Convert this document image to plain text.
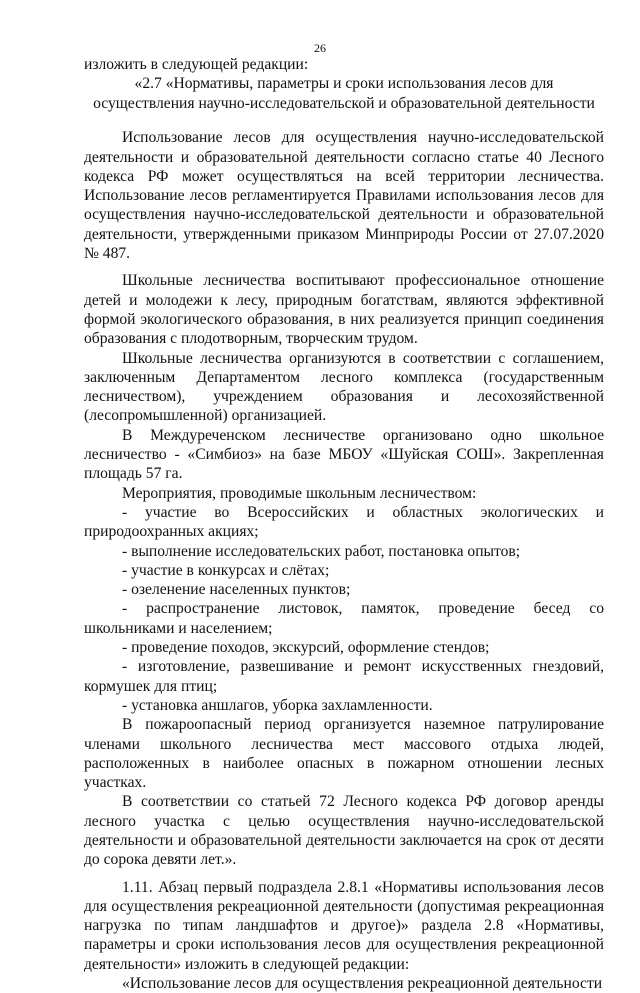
26

изложить в следующей редакции:

«2.7 «Нормативы, параметры и сроки использования лесов для осуществления научно-исследовательской и образовательной деятельности

Использование лесов для осуществления научно-исследовательской деятельности и образовательной деятельности согласно статье 40 Лесного кодекса РФ может осуществляться на всей территории лесничества. Использование лесов регламентируется Правилами использования лесов для осуществления научно-исследовательской деятельности и образовательной деятельности, утвержденными приказом Минприроды России от 27.07.2020 № 487.

Школьные лесничества воспитывают профессиональное отношение детей и молодежи к лесу, природным богатствам, являются эффективной формой экологического образования, в них реализуется принцип соединения образования с плодотворным, творческим трудом.

Школьные лесничества организуются в соответствии с соглашением, заключенным Департаментом лесного комплекса (государственным лесничеством), учреждением образования и лесохозяйственной (лесопромышленной) организацией.

В Междуреченском лесничестве организовано одно школьное лесничество - «Симбиоз» на базе МБОУ «Шуйская СОШ». Закрепленная площадь 57 га.

Мероприятия, проводимые школьным лесничеством:

- участие во Всероссийских и областных экологических и природоохранных акциях;

- выполнение исследовательских работ, постановка опытов;

- участие в конкурсах и слётах;

- озеленение населенных пунктов;

- распространение листовок, памяток, проведение бесед со школьниками и населением;

- проведение походов, экскурсий, оформление стендов;

- изготовление, развешивание и ремонт искусственных гнездовий, кормушек для птиц;

- установка аншлагов, уборка захламленности.

В пожароопасный период организуется наземное патрулирование членами школьного лесничества мест массового отдыха людей, расположенных в наиболее опасных в пожарном отношении лесных участках.

В соответствии со статьей 72 Лесного кодекса РФ договор аренды лесного участка с целью осуществления научно-исследовательской деятельности и образовательной деятельности заключается на срок от десяти до сорока девяти лет.».

1.11. Абзац первый подраздела 2.8.1 «Нормативы использования лесов для осуществления рекреационной деятельности (допустимая рекреационная нагрузка по типам ландшафтов и другое)» раздела 2.8 «Нормативы, параметры и сроки использования лесов для осуществления рекреационной деятельности» изложить в следующей редакции:

«Использование лесов для осуществления рекреационной деятельности
